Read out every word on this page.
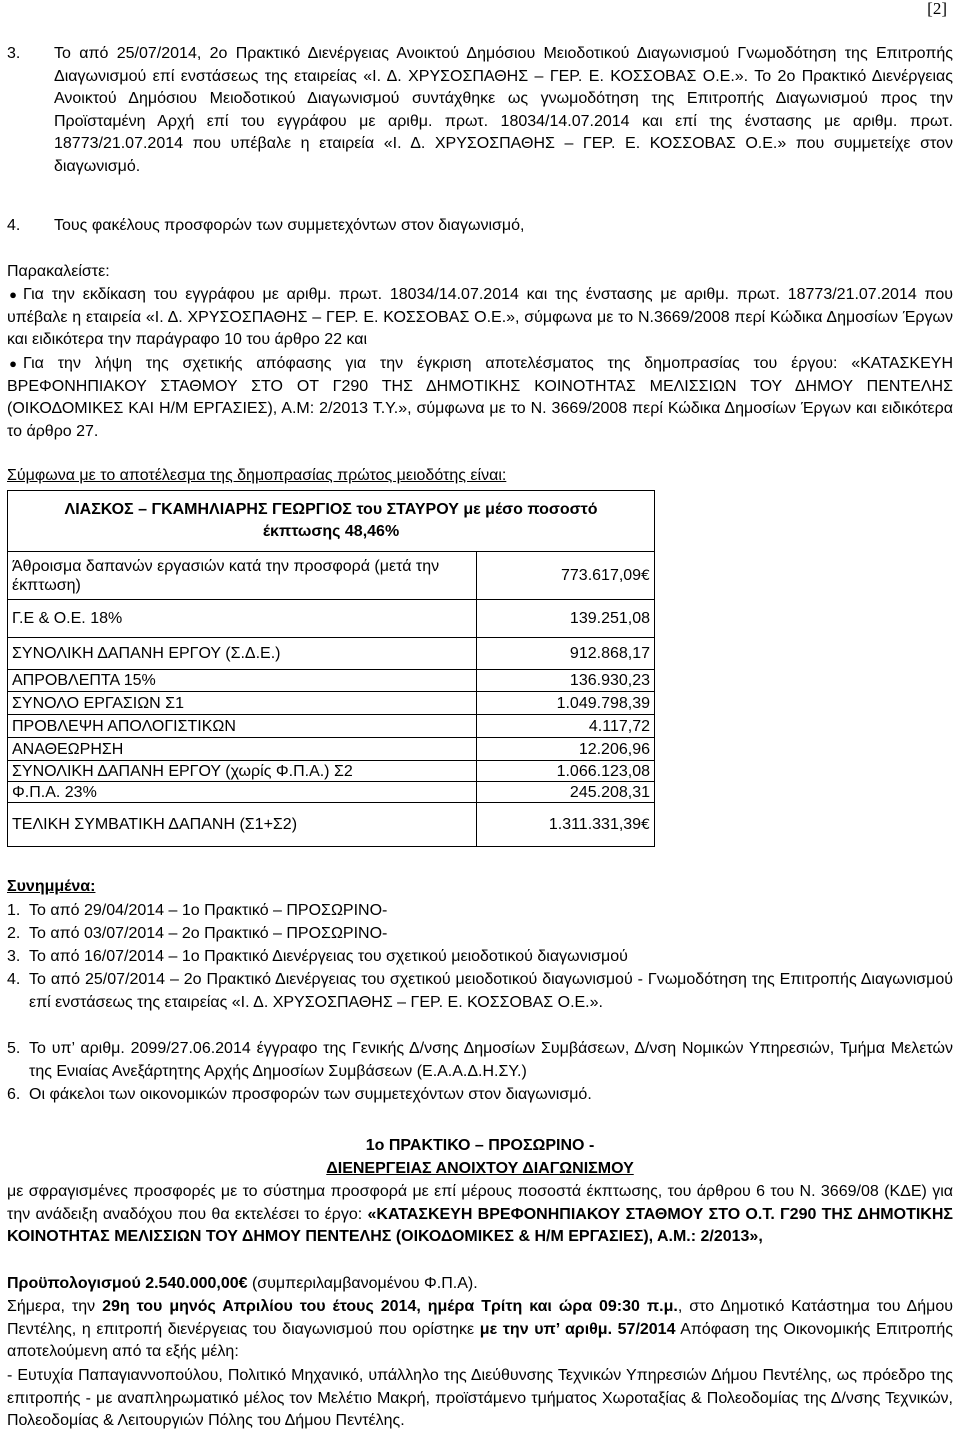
[2]
3.	Το από 25/07/2014, 2ο Πρακτικό Διενέργειας Ανοικτού Δημόσιου Μειοδοτικού Διαγωνισμού Γνωμοδότηση της Επιτροπής Διαγωνισμού επί ενστάσεως της εταιρείας «Ι. Δ. ΧΡΥΣΟΣΠΑΘΗΣ – ΓΕΡ. Ε. ΚΟΣΣΟΒΑΣ Ο.Ε.». Το 2ο Πρακτικό Διενέργειας Ανοικτού Δημόσιου Μειοδοτικού Διαγωνισμού συντάχθηκε ως γνωμοδότηση της Επιτροπής Διαγωνισμού προς την Προϊσταμένη Αρχή επί του εγγράφου με αριθμ. πρωτ. 18034/14.07.2014 και επί της ένστασης με αριθμ. πρωτ. 18773/21.07.2014 που υπέβαλε η εταιρεία «Ι. Δ. ΧΡΥΣΟΣΠΑΘΗΣ – ΓΕΡ. Ε. ΚΟΣΣΟΒΑΣ Ο.Ε.» που συμμετείχε στον διαγωνισμό.
4.	Τους φακέλους προσφορών των συμμετεχόντων στον διαγωνισμό,
Παρακαλείστε:
● Για την εκδίκαση του εγγράφου με αριθμ. πρωτ. 18034/14.07.2014 και της ένστασης με αριθμ. πρωτ. 18773/21.07.2014 που υπέβαλε η εταιρεία «Ι. Δ. ΧΡΥΣΟΣΠΑΘΗΣ – ΓΕΡ. Ε. ΚΟΣΣΟΒΑΣ Ο.Ε.», σύμφωνα με το Ν.3669/2008 περί Κώδικα Δημοσίων Έργων και ειδικότερα την παράγραφο 10 του άρθρο 22 και
● Για την λήψη της σχετικής απόφασης για την έγκριση αποτελέσματος της δημοπρασίας του έργου: «ΚΑΤΑΣΚΕΥΗ ΒΡΕΦΟΝΗΠΙΑΚΟΥ ΣΤΑΘΜΟΥ ΣΤΟ ΟΤ Γ290 ΤΗΣ ΔΗΜΟΤΙΚΗΣ ΚΟΙΝΟΤΗΤΑΣ ΜΕΛΙΣΣΙΩΝ ΤΟΥ ΔΗΜΟΥ ΠΕΝΤΕΛΗΣ (ΟΙΚΟΔΟΜΙΚΕΣ ΚΑΙ Η/Μ ΕΡΓΑΣΙΕΣ), Α.Μ: 2/2013 Τ.Υ.», σύμφωνα με το Ν. 3669/2008 περί Κώδικα Δημοσίων Έργων και ειδικότερα το άρθρο 27.
Σύμφωνα με το αποτέλεσμα της δημοπρασίας πρώτος μειοδότης είναι:
ΛΙΑΣΚΟΣ – ΓΚΑΜΗΛΙΑΡΗΣ ΓΕΩΡΓΙΟΣ του ΣΤΑΥΡΟΥ με μέσο ποσοστό έκπτωσης 48,46%	
Άθροισμα δαπανών εργασιών κατά την προσφορά (μετά την έκπτωση)	773.617,09€
Γ.Ε & Ο.Ε. 18%	139.251,08
ΣΥΝΟΛΙΚΗ ΔΑΠΑΝΗ ΕΡΓΟΥ (Σ.Δ.Ε.)	912.868,17
ΑΠΡΟΒΛΕΠΤΑ 15%	136.930,23
ΣΥΝΟΛΟ ΕΡΓΑΣΙΩΝ Σ1	1.049.798,39
ΠΡΟΒΛΕΨΗ ΑΠΟΛΟΓΙΣΤΙΚΩΝ	4.117,72
ΑΝΑΘΕΩΡΗΣΗ	12.206,96
ΣΥΝΟΛΙΚΗ ΔΑΠΑΝΗ ΕΡΓΟΥ (χωρίς Φ.Π.Α.) Σ2	1.066.123,08
Φ.Π.Α. 23%	245.208,31
ΤΕΛΙΚΗ ΣΥΜΒΑΤΙΚΗ ΔΑΠΑΝΗ (Σ1+Σ2)	1.311.331,39€
Συνημμένα:
1. Το από 29/04/2014 – 1ο Πρακτικό – ΠΡΟΣΩΡΙΝΟ-
2. Το από 03/07/2014 – 2ο Πρακτικό – ΠΡΟΣΩΡΙΝΟ-
3. Το από 16/07/2014 – 1ο Πρακτικό Διενέργειας του σχετικού μειοδοτικού διαγωνισμού
4. Το από 25/07/2014 – 2ο Πρακτικό Διενέργειας του σχετικού μειοδοτικού διαγωνισμού - Γνωμοδότηση της Επιτροπής Διαγωνισμού επί ενστάσεως της εταιρείας «Ι. Δ. ΧΡΥΣΟΣΠΑΘΗΣ – ΓΕΡ. Ε. ΚΟΣΣΟΒΑΣ Ο.Ε.».
5. Το υπ’ αριθμ. 2099/27.06.2014 έγγραφο της Γενικής Δ/νσης Δημοσίων Συμβάσεων, Δ/νση Νομικών Υπηρεσιών, Τμήμα Μελετών της Ενιαίας Ανεξάρτητης Αρχής Δημοσίων Συμβάσεων (Ε.Α.Α.Δ.Η.ΣΥ.)
6. Οι φάκελοι των οικονομικών προσφορών των συμμετεχόντων στον διαγωνισμό.
1ο ΠΡΑΚΤΙΚΟ – ΠΡΟΣΩΡΙΝΟ -
ΔΙΕΝΕΡΓΕΙΑΣ ΑΝΟΙΧΤΟΥ ΔΙΑΓΩΝΙΣΜΟΥ
με σφραγισμένες προσφορές με το σύστημα προσφορά με επί μέρους ποσοστά έκπτωσης, του άρθρου 6 του Ν. 3669/08 (ΚΔΕ) για την ανάδειξη αναδόχου που θα εκτελέσει το έργο: «ΚΑΤΑΣΚΕΥΗ ΒΡΕΦΟΝΗΠΙΑΚΟΥ ΣΤΑΘΜΟΥ ΣΤΟ Ο.Τ. Γ290 ΤΗΣ ΔΗΜΟΤΙΚΗΣ ΚΟΙΝΟΤΗΤΑΣ ΜΕΛΙΣΣΙΩΝ ΤΟΥ ΔΗΜΟΥ ΠΕΝΤΕΛΗΣ (ΟΙΚΟΔΟΜΙΚΕΣ & Η/Μ ΕΡΓΑΣΙΕΣ), Α.Μ.: 2/2013»,
Προϋπολογισμού 2.540.000,00€ (συμπεριλαμβανομένου Φ.Π.Α).
Σήμερα, την 29η του μηνός Απριλίου του έτους 2014, ημέρα Τρίτη και ώρα 09:30 π.μ., στο Δημοτικό Κατάστημα του Δήμου Πεντέλης, η επιτροπή διενέργειας του διαγωνισμού που ορίστηκε με την υπ’ αριθμ. 57/2014 Απόφαση της Οικονομικής Επιτροπής αποτελούμενη από τα εξής μέλη:
- Ευτυχία Παπαγιαννοπούλου, Πολιτικό Μηχανικό, υπάλληλο της Διεύθυνσης Τεχνικών Υπηρεσιών Δήμου Πεντέλης, ως πρόεδρο της επιτροπής - με αναπληρωματικό μέλος τον Μελέτιο Μακρή, προϊστάμενο τμήματος Χωροταξίας & Πολεοδομίας της Δ/νσης Τεχνικών, Πολεοδομίας & Λειτουργιών Πόλης του Δήμου Πεντέλης.
